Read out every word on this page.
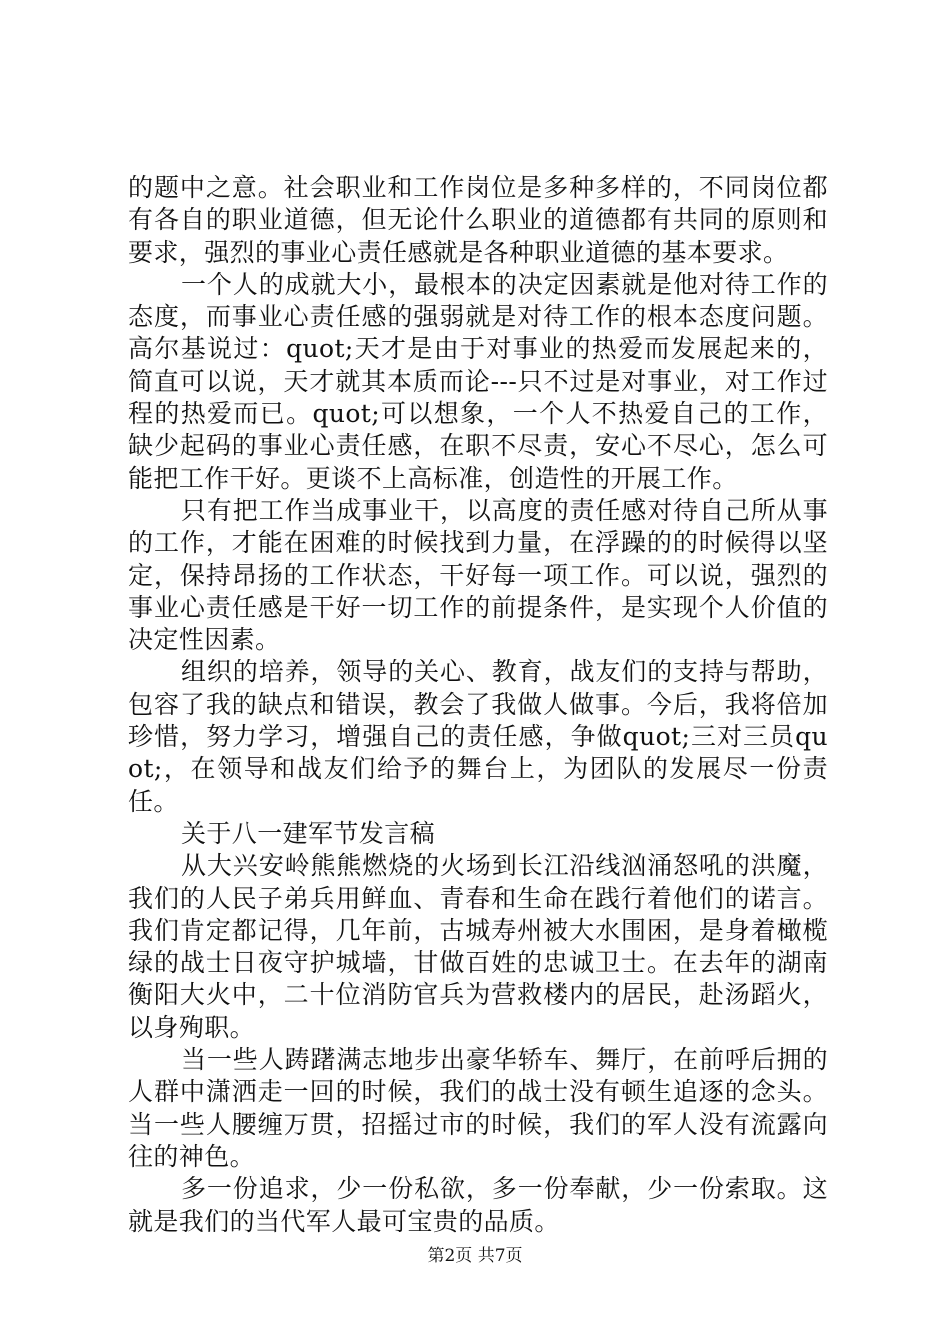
的题中之意。社会职业和工作岗位是多种多样的，不同岗位都有各自的职业道德，但无论什么职业的道德都有共同的原则和要求，强烈的事业心责任感就是各种职业道德的基本要求。

一个人的成就大小，最根本的决定因素就是他对待工作的态度，而事业心责任感的强弱就是对待工作的根本态度问题。高尔基说过：quot;天才是由于对事业的热爱而发展起来的，简直可以说，天才就其本质而论---只不过是对事业，对工作过程的热爱而已。quot;可以想象，一个人不热爱自己的工作，缺少起码的事业心责任感，在职不尽责，安心不尽心，怎么可能把工作干好。更谈不上高标准，创造性的开展工作。

只有把工作当成事业干，以高度的责任感对待自己所从事的工作，才能在困难的时候找到力量，在浮躁的的时候得以坚定，保持昂扬的工作状态，干好每一项工作。可以说，强烈的事业心责任感是干好一切工作的前提条件，是实现个人价值的决定性因素。

组织的培养，领导的关心、教育，战友们的支持与帮助，包容了我的缺点和错误，教会了我做人做事。今后，我将倍加珍惜，努力学习，增强自己的责任感，争做quot;三对三员quot;，在领导和战友们给予的舞台上，为团队的发展尽一份责任。

关于八一建军节发言稿

从大兴安岭熊熊燃烧的火场到长江沿线汹涌怒吼的洪魔，我们的人民子弟兵用鲜血、青春和生命在践行着他们的诺言。我们肯定都记得，几年前，古城寿州被大水围困，是身着橄榄绿的战士日夜守护城墙，甘做百姓的忠诚卫士。在去年的湖南衡阳大火中，二十位消防官兵为营救楼内的居民，赴汤蹈火，以身殉职。

当一些人踌躇满志地步出豪华轿车、舞厅，在前呼后拥的人群中潇洒走一回的时候，我们的战士没有顿生追逐的念头。当一些人腰缠万贯，招摇过市的时候，我们的军人没有流露向往的神色。

多一份追求，少一份私欲，多一份奉献，少一份索取。这就是我们的当代军人最可宝贵的品质。

第2页 共7页
